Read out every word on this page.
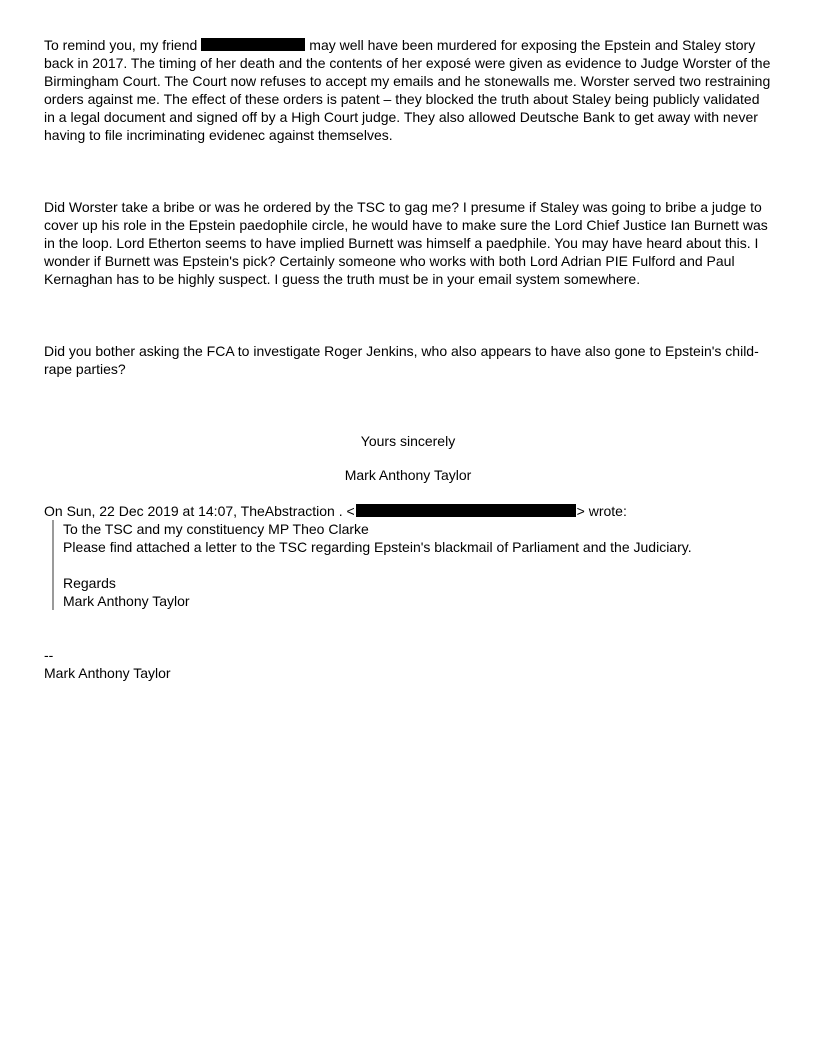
To remind you, my friend	may well have been murdered for exposing the Epstein and Staley story back in 2017. The timing of her death and the contents of her exposé were given as evidence to Judge Worster of the Birmingham Court. The Court now refuses to accept my emails and he stonewalls me. Worster served two restraining orders against me. The effect of these orders is patent – they blocked the truth about Staley being publicly validated in a legal document and signed off by a High Court judge. They also allowed Deutsche Bank to get away with never having to file incriminating evidenec against themselves.

Did Worster take a bribe or was he ordered by the TSC to gag me? I presume if Staley was going to bribe a judge to cover up his role in the Epstein paedophile circle, he would have to make sure the Lord Chief Justice Ian Burnett was in the loop. Lord Etherton seems to have implied Burnett was himself a paedphile. You may have heard about this. I wonder if Burnett was Epstein's pick? Certainly someone who works with both Lord Adrian PIE Fulford and Paul Kernaghan has to be highly suspect. I guess the truth must be in your email system somewhere.

Did you bother asking the FCA to investigate Roger Jenkins, who also appears to have also gone to Epstein's child-rape parties?

Yours sincerely

Mark Anthony Taylor

On Sun, 22 Dec 2019 at 14:07, TheAbstraction . <	> wrote:
To the TSC and my constituency MP Theo Clarke
Please find attached a letter to the TSC regarding Epstein's blackmail of Parliament and the Judiciary.
Regards
Mark Anthony Taylor
--
Mark Anthony Taylor
